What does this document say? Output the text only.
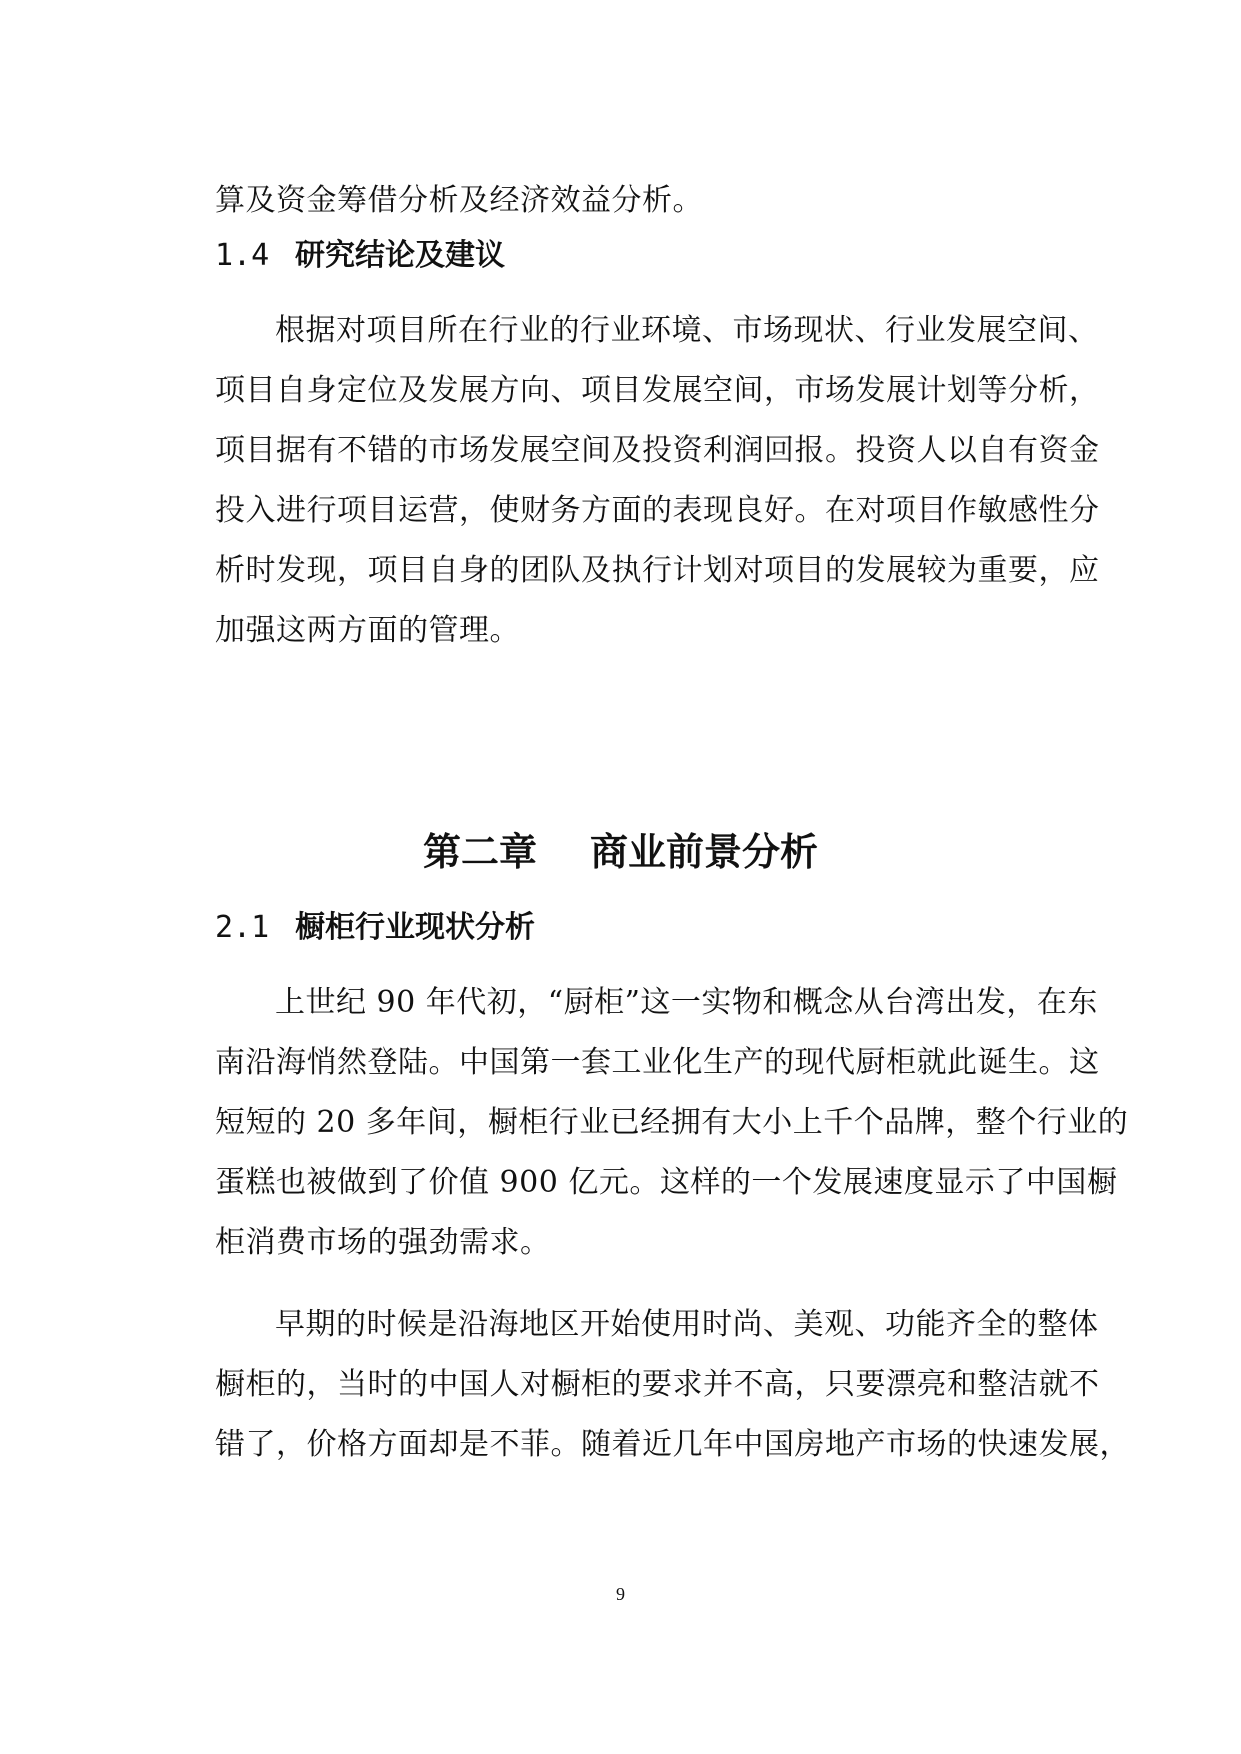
算及资金筹借分析及经济效益分析。
1.4 研究结论及建议
根据对项目所在行业的行业环境、市场现状、行业发展空间、
项目自身定位及发展方向、项目发展空间，市场发展计划等分析，
项目据有不错的市场发展空间及投资利润回报。投资人以自有资金
投入进行项目运营，使财务方面的表现良好。在对项目作敏感性分
析时发现，项目自身的团队及执行计划对项目的发展较为重要，应
加强这两方面的管理。
第二章    商业前景分析
2.1 橱柜行业现状分析
上世纪 90 年代初，“厨柜”这一实物和概念从台湾出发，在东
南沿海悄然登陆。中国第一套工业化生产的现代厨柜就此诞生。这
短短的 20 多年间，橱柜行业已经拥有大小上千个品牌，整个行业的
蛋糕也被做到了价值 900 亿元。这样的一个发展速度显示了中国橱
柜消费市场的强劲需求。
早期的时候是沿海地区开始使用时尚、美观、功能齐全的整体
橱柜的，当时的中国人对橱柜的要求并不高，只要漂亮和整洁就不
错了，价格方面却是不菲。随着近几年中国房地产市场的快速发展，
9
